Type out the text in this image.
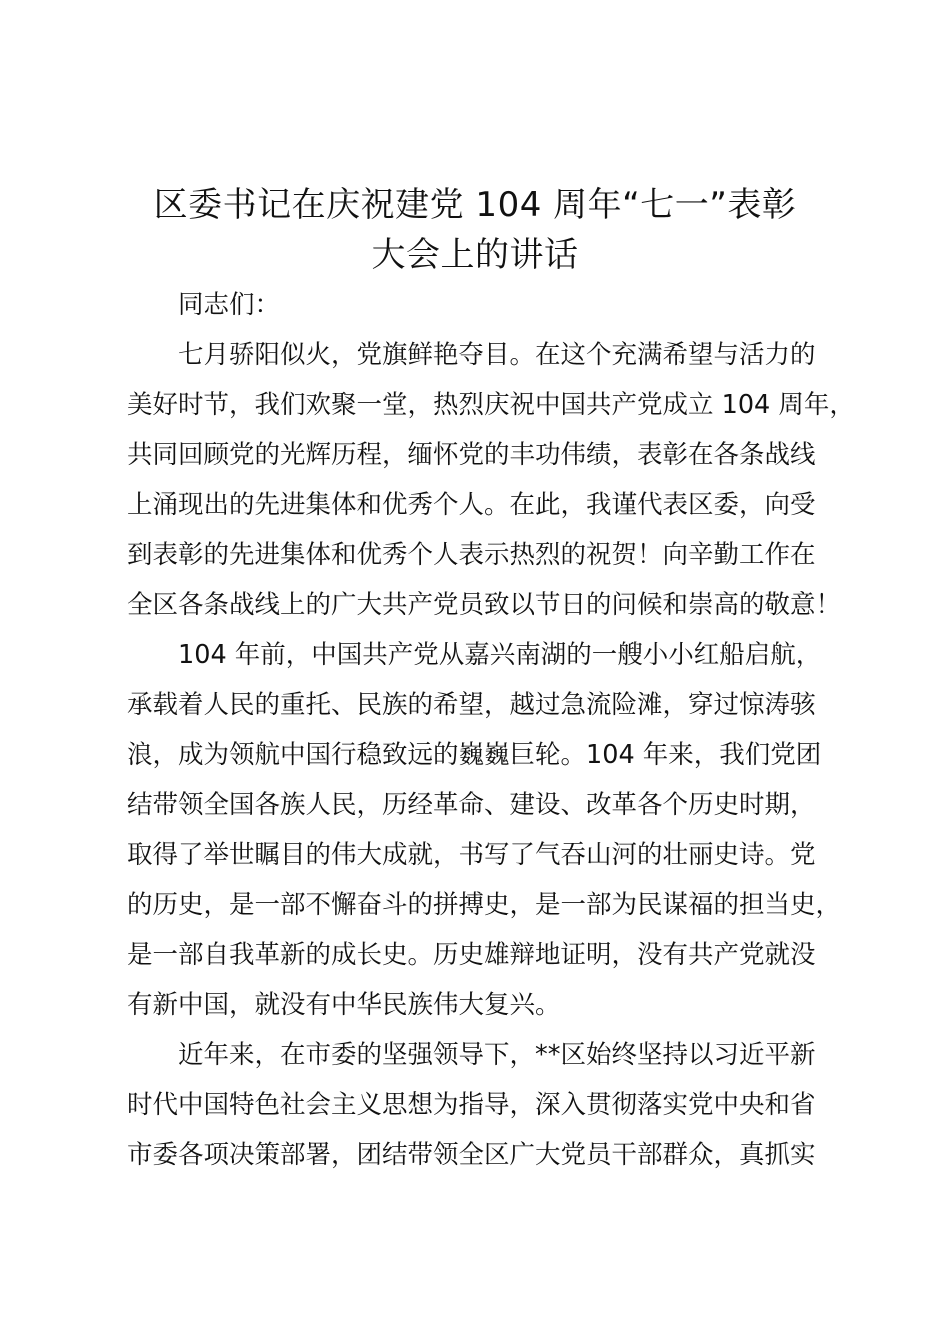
区委书记在庆祝建党 104 周年“七一”表彰
大会上的讲话
同志们：
七月骄阳似火，党旗鲜艳夺目。在这个充满希望与活力的
美好时节，我们欢聚一堂，热烈庆祝中国共产党成立 104 周年，
共同回顾党的光辉历程，缅怀党的丰功伟绩，表彰在各条战线
上涌现出的先进集体和优秀个人。在此，我谨代表区委，向受
到表彰的先进集体和优秀个人表示热烈的祝贺！向辛勤工作在
全区各条战线上的广大共产党员致以节日的问候和崇高的敬意！
104 年前，中国共产党从嘉兴南湖的一艘小小红船启航，
承载着人民的重托、民族的希望，越过急流险滩，穿过惊涛骇
浪，成为领航中国行稳致远的巍巍巨轮。104 年来，我们党团
结带领全国各族人民，历经革命、建设、改革各个历史时期，
取得了举世瞩目的伟大成就，书写了气吞山河的壮丽史诗。党
的历史，是一部不懈奋斗的拼搏史，是一部为民谋福的担当史，
是一部自我革新的成长史。历史雄辩地证明，没有共产党就没
有新中国，就没有中华民族伟大复兴。
近年来，在市委的坚强领导下，**区始终坚持以习近平新
时代中国特色社会主义思想为指导，深入贯彻落实党中央和省
市委各项决策部署，团结带领全区广大党员干部群众，真抓实
